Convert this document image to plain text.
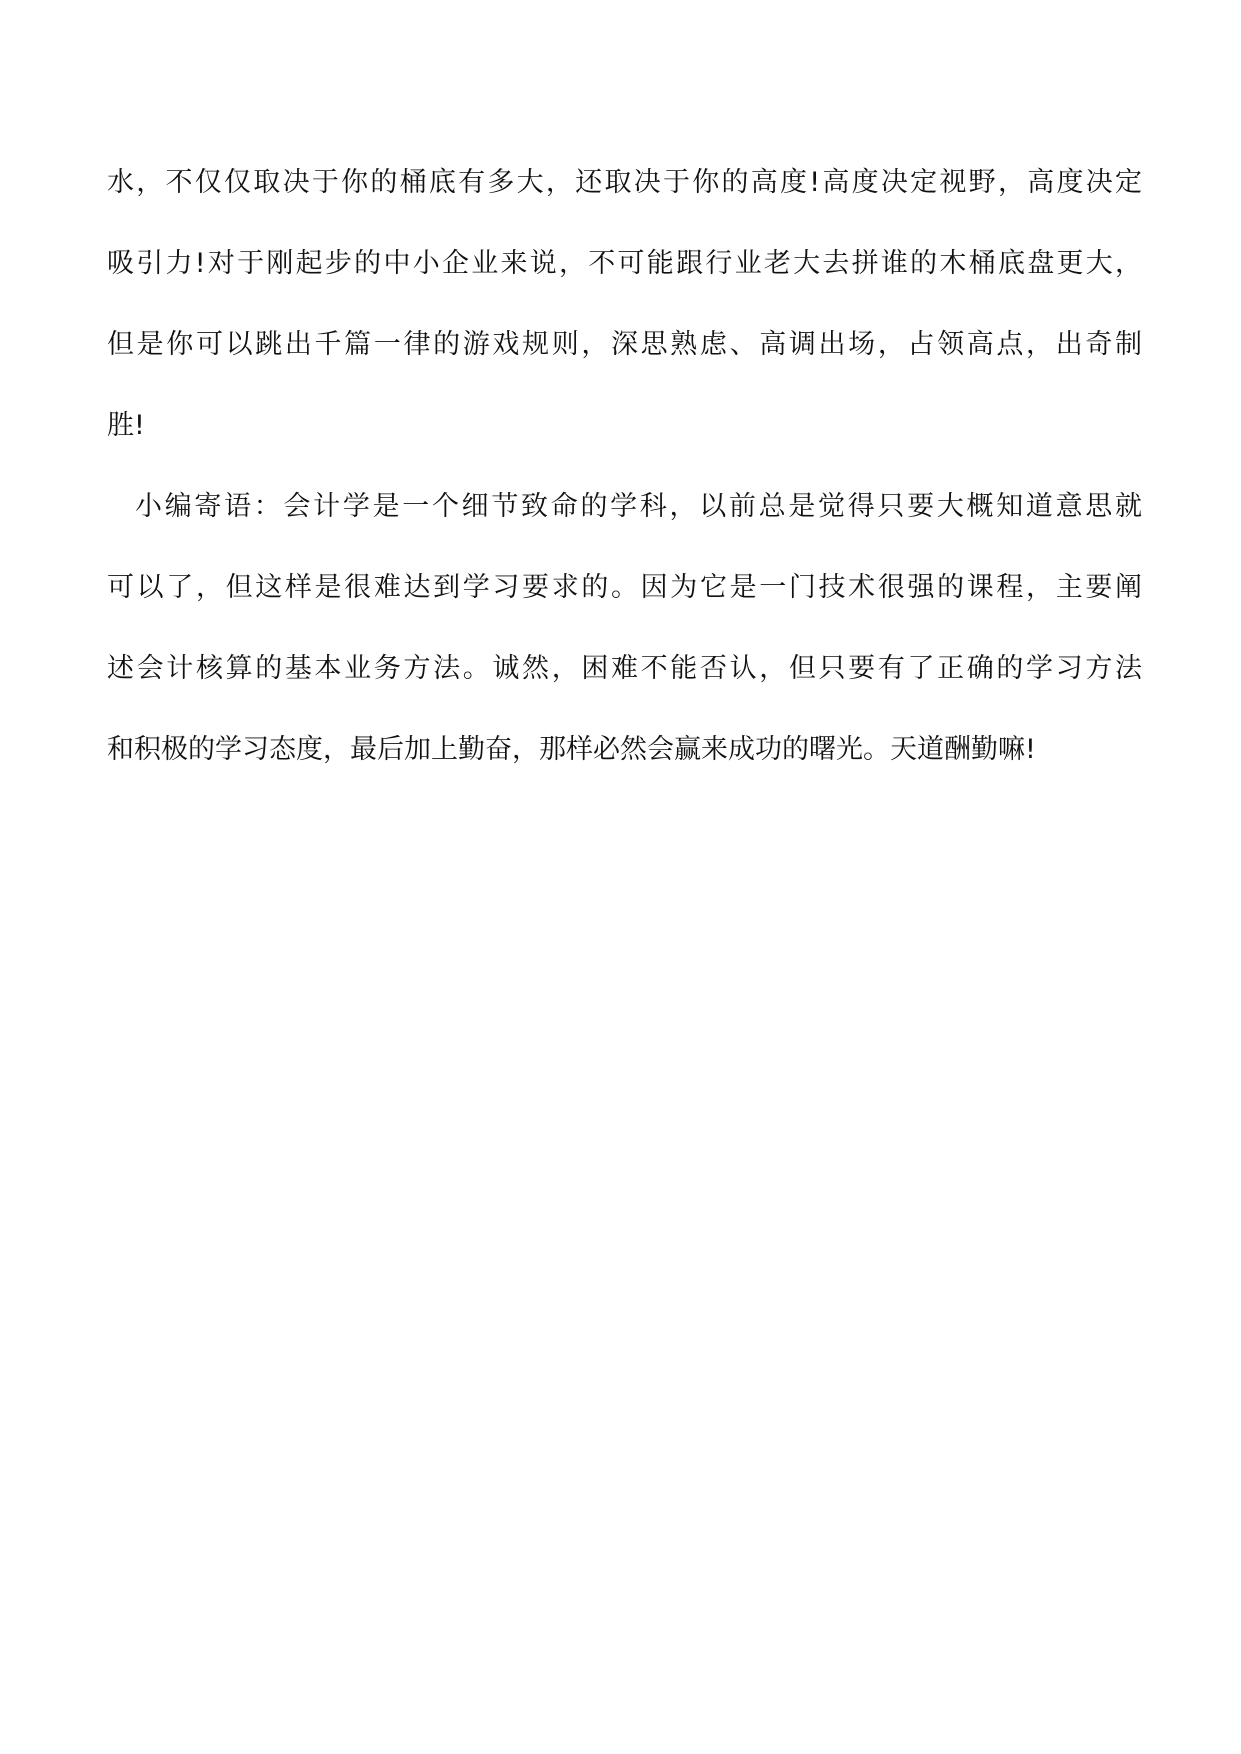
水，不仅仅取决于你的桶底有多大，还取决于你的高度!高度决定视野，高度决定
吸引力!对于刚起步的中小企业来说，不可能跟行业老大去拼谁的木桶底盘更大，
但是你可以跳出千篇一律的游戏规则，深思熟虑、高调出场，占领高点，出奇制
胜!
小编寄语：会计学是一个细节致命的学科，以前总是觉得只要大概知道意思就
可以了，但这样是很难达到学习要求的。因为它是一门技术很强的课程，主要阐
述会计核算的基本业务方法。诚然，困难不能否认，但只要有了正确的学习方法
和积极的学习态度，最后加上勤奋，那样必然会赢来成功的曙光。天道酬勤嘛!
